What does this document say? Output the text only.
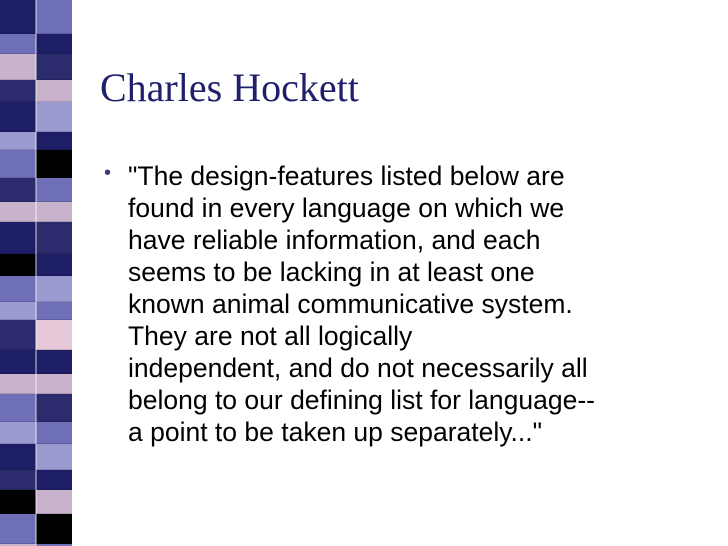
Charles Hockett
• "The design-features listed below are
found in every language on which we
have reliable information, and each
seems to be lacking in at least one
known animal communicative system.
They are not all logically
independent, and do not necessarily all
belong to our defining list for language--
a point to be taken up separately..."
